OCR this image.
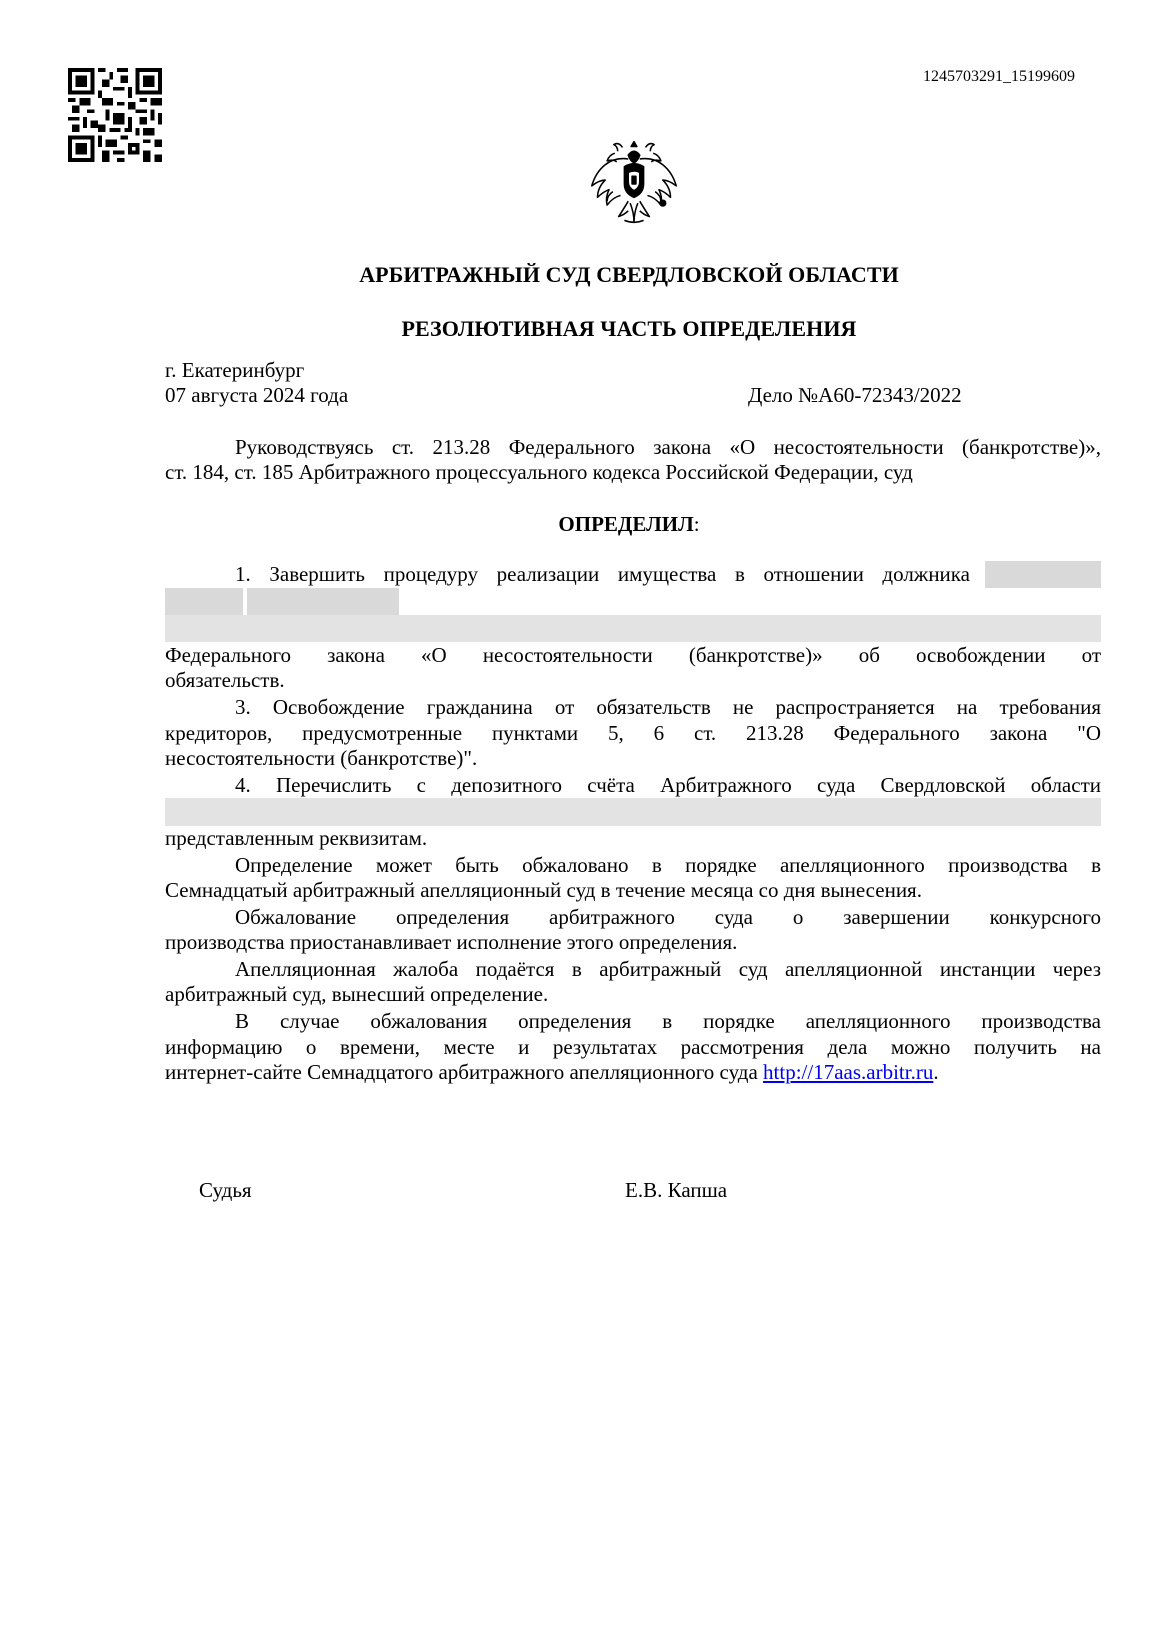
1245703291_15199609
АРБИТРАЖНЫЙ СУД СВЕРДЛОВСКОЙ ОБЛАСТИ
РЕЗОЛЮТИВНАЯ ЧАСТЬ ОПРЕДЕЛЕНИЯ
г. Екатеринбург
07 августа 2024 года	Дело №А60-72343/2022
Руководствуясь ст. 213.28 Федерального закона «О несостоятельности (банкротстве)»,
ст. 184, ст. 185 Арбитражного процессуального кодекса Российской Федерации, суд
ОПРЕДЕЛИЛ:
1. Завершить процедуру реализации имущества в отношении должника
Федерального закона «О несостоятельности (банкротстве)» об освобождении от
обязательств.
3. Освобождение гражданина от обязательств не распространяется на требования
кредиторов, предусмотренные пунктами 5, 6 ст. 213.28 Федерального закона "О
несостоятельности (банкротстве)".
4. Перечислить с депозитного счёта Арбитражного суда Свердловской области
представленным реквизитам.
Определение может быть обжаловано в порядке апелляционного производства в
Семнадцатый арбитражный апелляционный суд в течение месяца со дня вынесения.
Обжалование определения арбитражного суда о завершении конкурсного
производства приостанавливает исполнение этого определения.
Апелляционная жалоба подаётся в арбитражный суд апелляционной инстанции через
арбитражный суд, вынесший определение.
В случае обжалования определения в порядке апелляционного производства
информацию о времени, месте и результатах рассмотрения дела можно получить на
интернет-сайте Семнадцатого арбитражного апелляционного суда http://17aas.arbitr.ru.
Судья	Е.В. Капша
